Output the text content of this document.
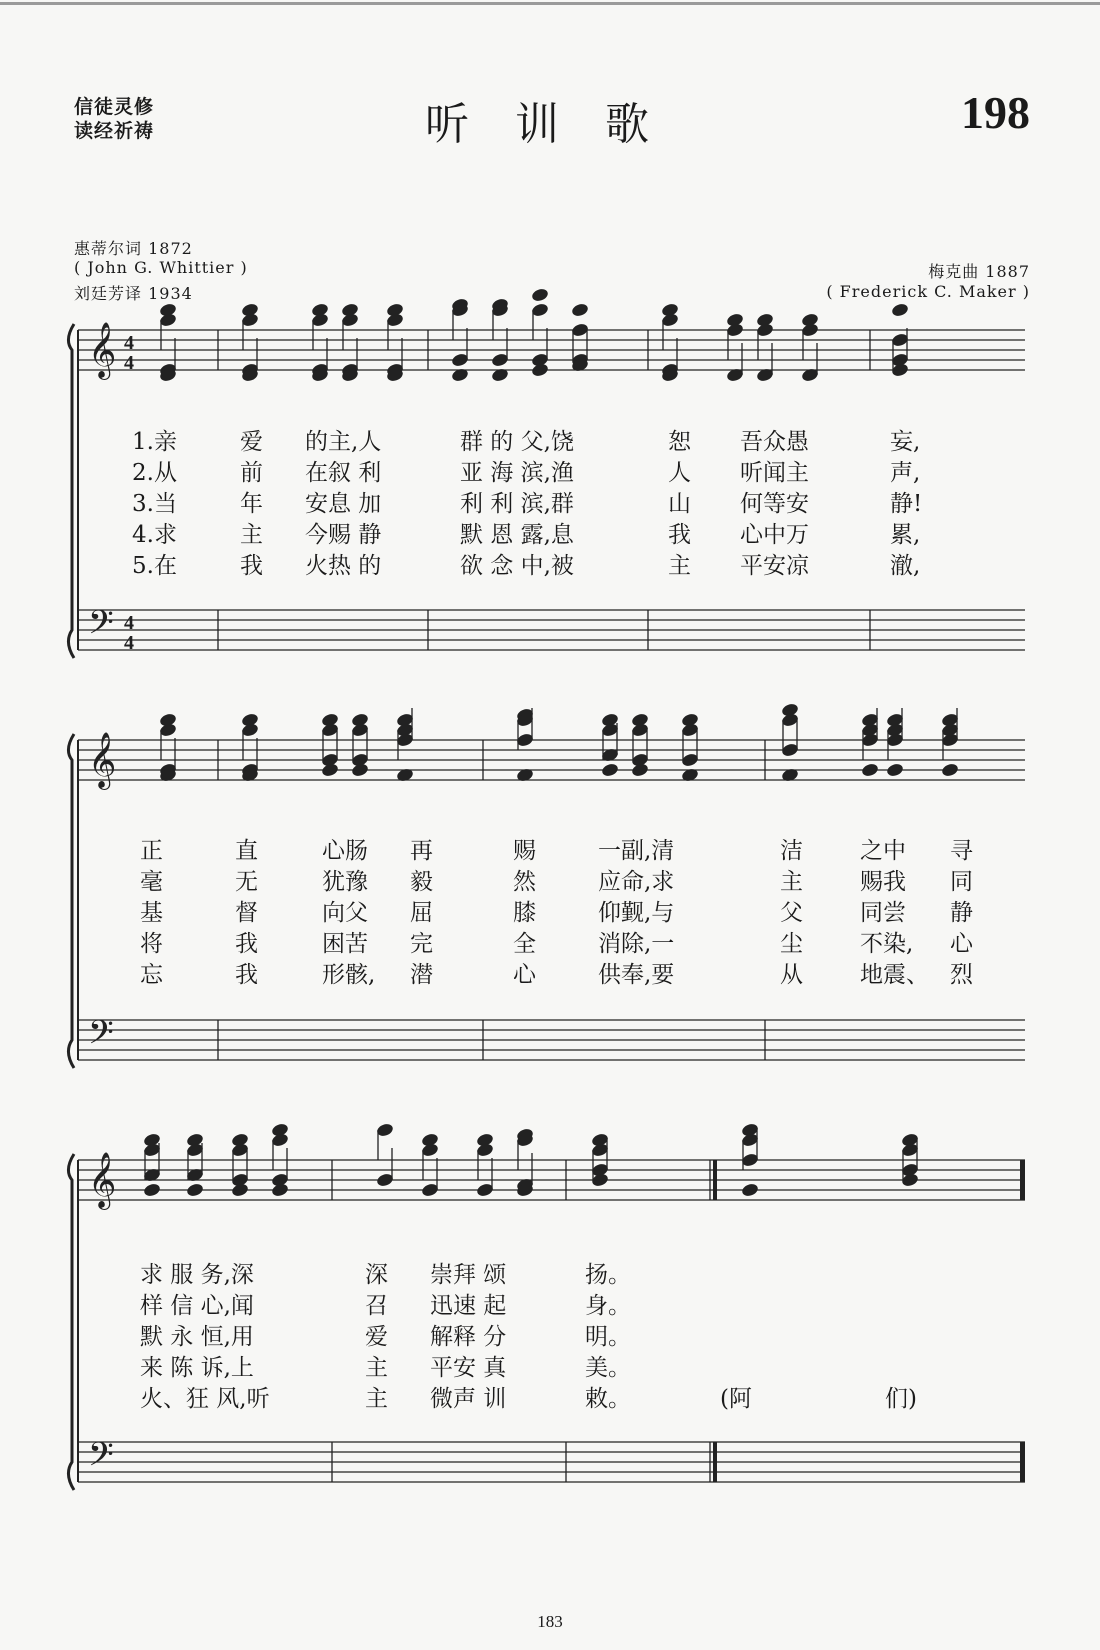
信徒灵修
读经祈祷	听 训 歌	198
惠蒂尔词 1872
( John G. Whittier )
刘廷芳译 1934
梅克曲 1887
( Frederick C. Maker )
𝄞
𝄢
4
4
4
4
𝄞
𝄢
𝄞
𝄢
1.亲	爱 的主,人	群 的 父,饶	恕 吾众愚	妄,
2.从	前 在叙 利	亚 海 滨,渔	人 听闻主	声,
3.当	年 安息 加	利 利 滨,群	山 何等安	静!
4.求	主 今赐 静	默 恩 露,息	我 心中万	累,
5.在	我 火热 的	欲 念 中,被	主 平安凉	澈,
正	直	心肠 再	赐	一副,清	洁 之中 寻
毫	无	犹豫 毅	然	应命,求	主 赐我 同
基	督	向父 屈	膝	仰觐,与	父 同尝 静
将	我	困苦 完	全	消除,一	尘 不染, 心
忘	我	形骸, 潜	心	供奉,要	从 地震、 烈
求 服 务,深	深 崇拜 颂	扬。
样 信 心,闻	召 迅速 起	身。
默 永 恒,用	爱 解释 分	明。
来 陈 诉,上	主 平安 真	美。
火、狂 风,听	主 微声 训	敕。	(阿	们)
183
